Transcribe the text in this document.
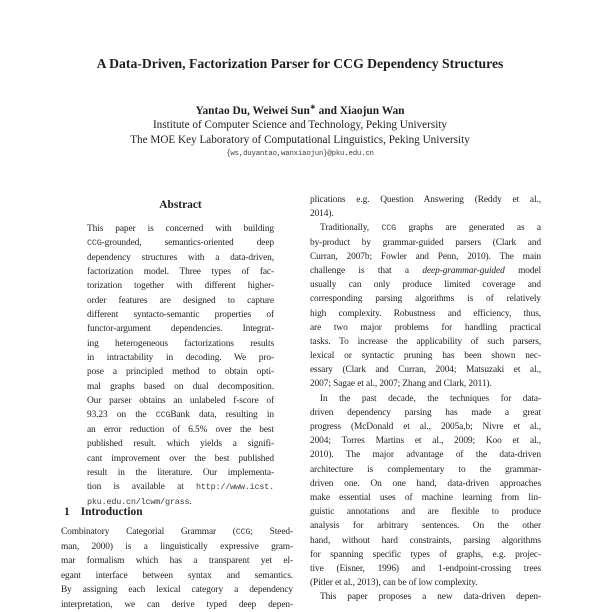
A Data-Driven, Factorization Parser for CCG Dependency Structures
Yantao Du, Weiwei Sun∗ and Xiaojun Wan
Institute of Computer Science and Technology, Peking University
The MOE Key Laboratory of Computational Linguistics, Peking University
{ws,duyantao,wanxiaojun}@pku.edu.cn
Abstract
This paper is concerned with building
CCG-grounded, semantics-oriented deep
dependency structures with a data-driven,
factorization model. Three types of fac-
torization together with different higher-
order features are designed to capture
different syntacto-semantic properties of
functor-argument dependencies. Integrat-
ing heterogeneous factorizations results
in intractability in decoding. We pro-
pose a principled method to obtain opti-
mal graphs based on dual decomposition.
Our parser obtains an unlabeled f-score of
93.23 on the CCGBank data, resulting in
an error reduction of 6.5% over the best
published result. which yields a signifi-
cant improvement over the best published
result in the literature. Our implementa-
tion is available at http://www.icst.
pku.edu.cn/lcwm/grass.
1 Introduction
Combinatory Categorial Grammar (CCG; Steed-
man, 2000) is a linguistically expressive gram-
mar formalism which has a transparent yet el-
egant interface between syntax and semantics.
By assigning each lexical category a dependency
interpretation, we can derive typed deep depen-
plications e.g. Question Answering (Reddy et al.,
2014).
Traditionally, CCG graphs are generated as a
by-product by grammar-guided parsers (Clark and
Curran, 2007b; Fowler and Penn, 2010). The main
challenge is that a deep-grammar-guided model
usually can only produce limited coverage and
corresponding parsing algorithms is of relatively
high complexity. Robustness and efficiency, thus,
are two major problems for handling practical
tasks. To increase the applicability of such parsers,
lexical or syntactic pruning has been shown nec-
essary (Clark and Curran, 2004; Matsuzaki et al.,
2007; Sagae et al., 2007; Zhang and Clark, 2011).
In the past decade, the techniques for data-
driven dependency parsing has made a great
progress (McDonald et al., 2005a,b; Nivre et al.,
2004; Torres Martins et al., 2009; Koo et al.,
2010). The major advantage of the data-driven
architecture is complementary to the grammar-
driven one. On one hand, data-driven approaches
make essential uses of machine learning from lin-
guistic annotations and are flexible to produce
analysis for arbitrary sentences. On the other
hand, without hard constraints, parsing algorithms
for spanning specific types of graphs, e.g. projec-
tive (Eisner, 1996) and 1-endpoint-crossing trees
(Pitler et al., 2013), can be of low complexity.
This paper proposes a new data-driven depen-
